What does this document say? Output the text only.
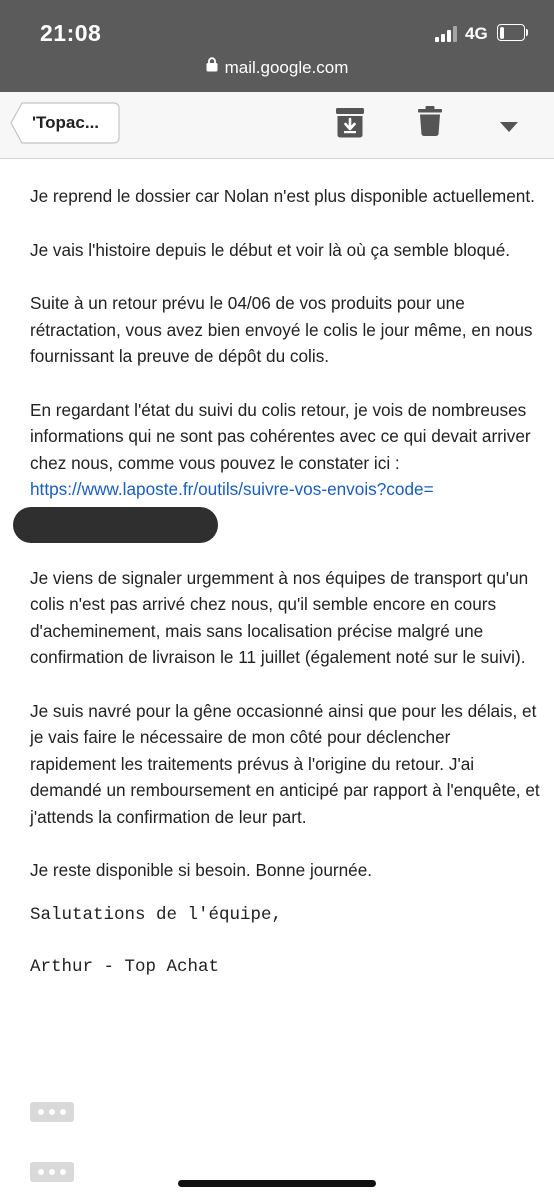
21:08	4G
mail.google.com
'Topac...

Je reprend le dossier car Nolan n'est plus disponible actuellement.

Je vais l'histoire depuis le début et voir là où ça semble bloqué.

Suite à un retour prévu le 04/06 de vos produits pour une rétractation, vous avez bien envoyé le colis le jour même, en nous fournissant la preuve de dépôt du colis.

En regardant l'état du suivi du colis retour, je vois de nombreuses informations qui ne sont pas cohérentes avec ce qui devait arriver chez nous, comme vous pouvez le constater ici : https://www.laposte.fr/outils/suivre-vos-envois?code=

Je viens de signaler urgemment à nos équipes de transport qu'un colis n'est pas arrivé chez nous, qu'il semble encore en cours d'acheminement, mais sans localisation précise malgré une confirmation de livraison le 11 juillet (également noté sur le suivi).

Je suis navré pour la gêne occasionné ainsi que pour les délais, et je vais faire le nécessaire de mon côté pour déclencher rapidement les traitements prévus à l'origine du retour. J'ai demandé un remboursement en anticipé par rapport à l'enquête, et j'attends la confirmation de leur part.

Je reste disponible si besoin. Bonne journée.

Salutations de l'équipe,

Arthur - Top Achat
